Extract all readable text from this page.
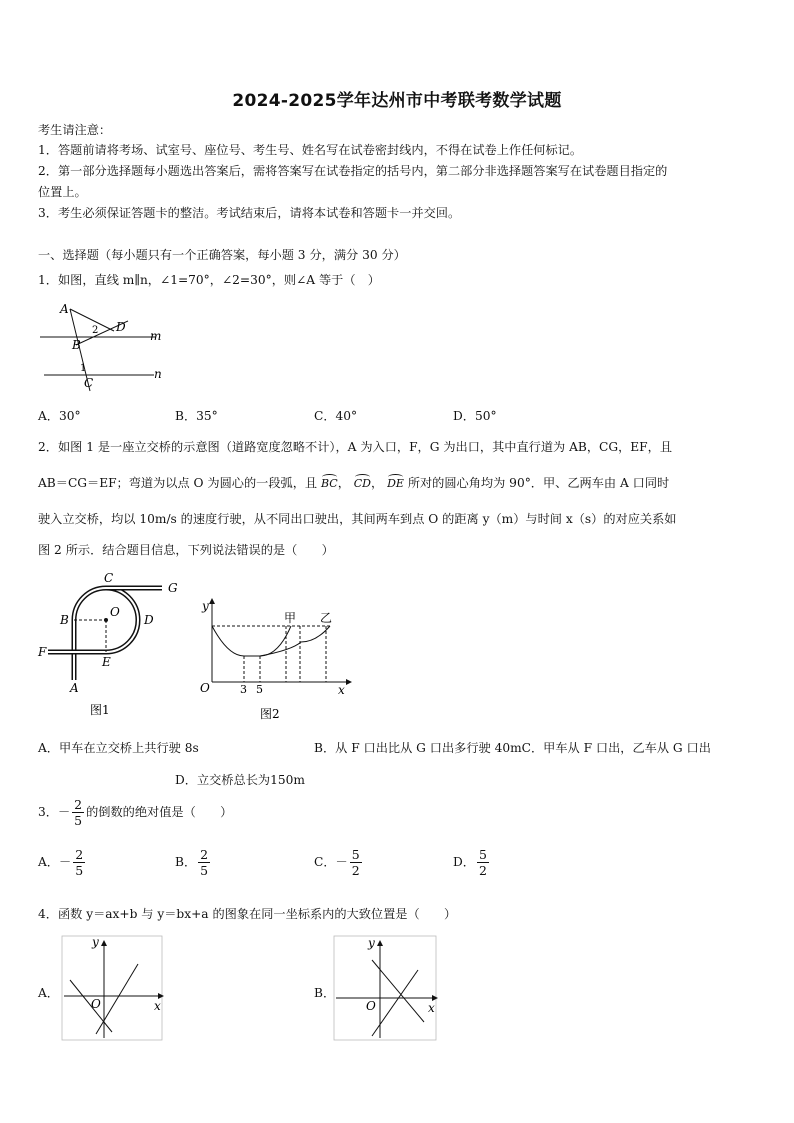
2024-2025学年达州市中考联考数学试题
考生请注意：
1．答题前请将考场、试室号、座位号、考生号、姓名写在试卷密封线内，不得在试卷上作任何标记。
2．第一部分选择题每小题选出答案后，需将答案写在试卷指定的括号内，第二部分非选择题答案写在试卷题目指定的
位置上。
3．考生必须保证答题卡的整洁。考试结束后，请将本试卷和答题卡一并交回。
一、选择题（每小题只有一个正确答案，每小题 3 分，满分 30 分）
1．如图，直线 m∥n，∠1=70°，∠2=30°，则∠A 等于（　）
A
B
C
D
2
1
m
n
A．30°	B．35°	C．40°	D．50°
2．如图 1 是一座立交桥的示意图（道路宽度忽略不计），A 为入口，F，G 为出口，其中直行道为 AB，CG，EF，且
AB＝CG＝EF；弯道为以点 O 为圆心的一段弧，且 BC， CD， DE 所对的圆心角均为 90°．甲、乙两车由 A 口同时
驶入立交桥，均以 10m/s 的速度行驶，从不同出口驶出，其间两车到点 O 的距离 y（m）与时间 x（s）的对应关系如
图 2 所示．结合题目信息，下列说法错误的是（　　）
C
G
O
B	D
F
E
A
图1
y
x
O	3 5
甲 乙
图2
A．甲车在立交桥上共行驶 8s	B．从 F 口出比从 G 口出多行驶 40mC．甲车从 F 口出，乙车从 G 口出
D．立交桥总长为150m
3．－ $\frac{2}{5}$ 的倒数的绝对值是（　　）
A．－ $\frac{2}{5}$	B． $\frac{2}{5}$	C．－ $\frac{5}{2}$	D． $\frac{5}{2}$
4．函数 y＝ax+b 与 y＝bx+a 的图象在同一坐标系内的大致位置是（　　）
A．
y
x
O
B．
y
x
O
